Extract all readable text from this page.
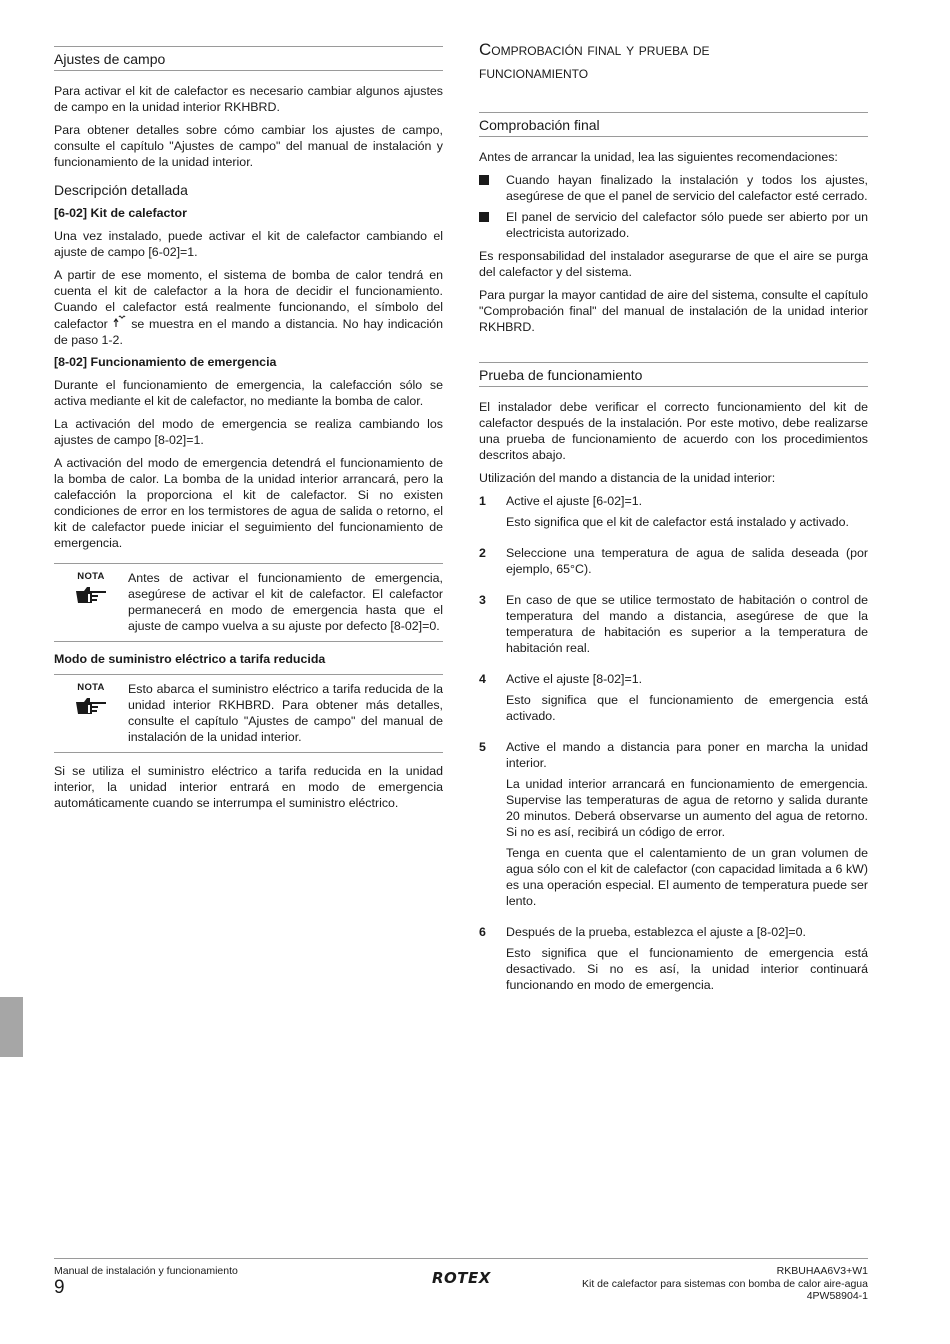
Ajustes de campo

Para activar el kit de calefactor es necesario cambiar algunos ajustes de campo en la unidad interior RKHBRD.

Para obtener detalles sobre cómo cambiar los ajustes de campo, consulte el capítulo "Ajustes de campo" del manual de instalación y funcionamiento de la unidad interior.

Descripción detallada
[6-02] Kit de calefactor

Una vez instalado, puede activar el kit de calefactor cambiando el ajuste de campo [6-02]=1.

A partir de ese momento, el sistema de bomba de calor tendrá en cuenta el kit de calefactor a la hora de decidir el funcionamiento. Cuando el calefactor está realmente funcionando, el símbolo del calefactor se muestra en el mando a distancia. No hay indicación de paso 1-2.

[8-02] Funcionamiento de emergencia

Durante el funcionamiento de emergencia, la calefacción sólo se activa mediante el kit de calefactor, no mediante la bomba de calor.

La activación del modo de emergencia se realiza cambiando los ajustes de campo [8-02]=1.

A activación del modo de emergencia detendrá el funcionamiento de la bomba de calor. La bomba de la unidad interior arrancará, pero la calefacción la proporciona el kit de calefactor. Si no existen condiciones de error en los termistores de agua de salida o retorno, el kit de calefactor puede iniciar el seguimiento del funcionamiento de emergencia.

NOTA Antes de activar el funcionamiento de emergencia, asegúrese de activar el kit de calefactor. El calefactor permanecerá en modo de emergencia hasta que el ajuste de campo vuelva a su ajuste por defecto [8-02]=0.

Modo de suministro eléctrico a tarifa reducida
NOTA Esto abarca el suministro eléctrico a tarifa reducida de la unidad interior RKHBRD. Para obtener más detalles, consulte el capítulo "Ajustes de campo" del manual de instalación de la unidad interior.

Si se utiliza el suministro eléctrico a tarifa reducida en la unidad interior, la unidad interior entrará en modo de emergencia automáticamente cuando se interrumpa el suministro eléctrico.

Comprobación final y prueba de
funcionamiento
Comprobación final

Antes de arrancar la unidad, lea las siguientes recomendaciones:

Cuando hayan finalizado la instalación y todos los ajustes, asegúrese de que el panel de servicio del calefactor esté cerrado.

El panel de servicio del calefactor sólo puede ser abierto por un electricista autorizado.

Es responsabilidad del instalador asegurarse de que el aire se purga del calefactor y del sistema.

Para purgar la mayor cantidad de aire del sistema, consulte el capítulo "Comprobación final" del manual de instalación de la unidad interior RKHBRD.

Prueba de funcionamiento

El instalador debe verificar el correcto funcionamiento del kit de calefactor después de la instalación. Por este motivo, debe realizarse una prueba de funcionamiento de acuerdo con los procedimientos descritos abajo.

Utilización del mando a distancia de la unidad interior:

1	Active el ajuste [6-02]=1.

Esto significa que el kit de calefactor está instalado y activado.

2	Seleccione una temperatura de agua de salida deseada (por ejemplo, 65°C).

3	En caso de que se utilice termostato de habitación o control de temperatura del mando a distancia, asegúrese de que la temperatura de habitación es superior a la temperatura de habitación real.

4	Active el ajuste [8-02]=1.

Esto significa que el funcionamiento de emergencia está activado.

5	Active el mando a distancia para poner en marcha la unidad interior.

La unidad interior arrancará en funcionamiento de emergencia. Supervise las temperaturas de agua de retorno y salida durante 20 minutos. Deberá observarse un aumento del agua de retorno. Si no es así, recibirá un código de error.

Tenga en cuenta que el calentamiento de un gran volumen de agua sólo con el kit de calefactor (con capacidad limitada a 6 kW) es una operación especial. El aumento de temperatura puede ser lento.

6	Después de la prueba, establezca el ajuste a [8-02]=0.

Esto significa que el funcionamiento de emergencia está desactivado. Si no es así, la unidad interior continuará funcionando en modo de emergencia.

Manual de instalación y funcionamiento
9	ROTEX	RKBUHAA6V3+W1
Kit de calefactor para sistemas con bomba de calor aire-agua
4PW58904-1
